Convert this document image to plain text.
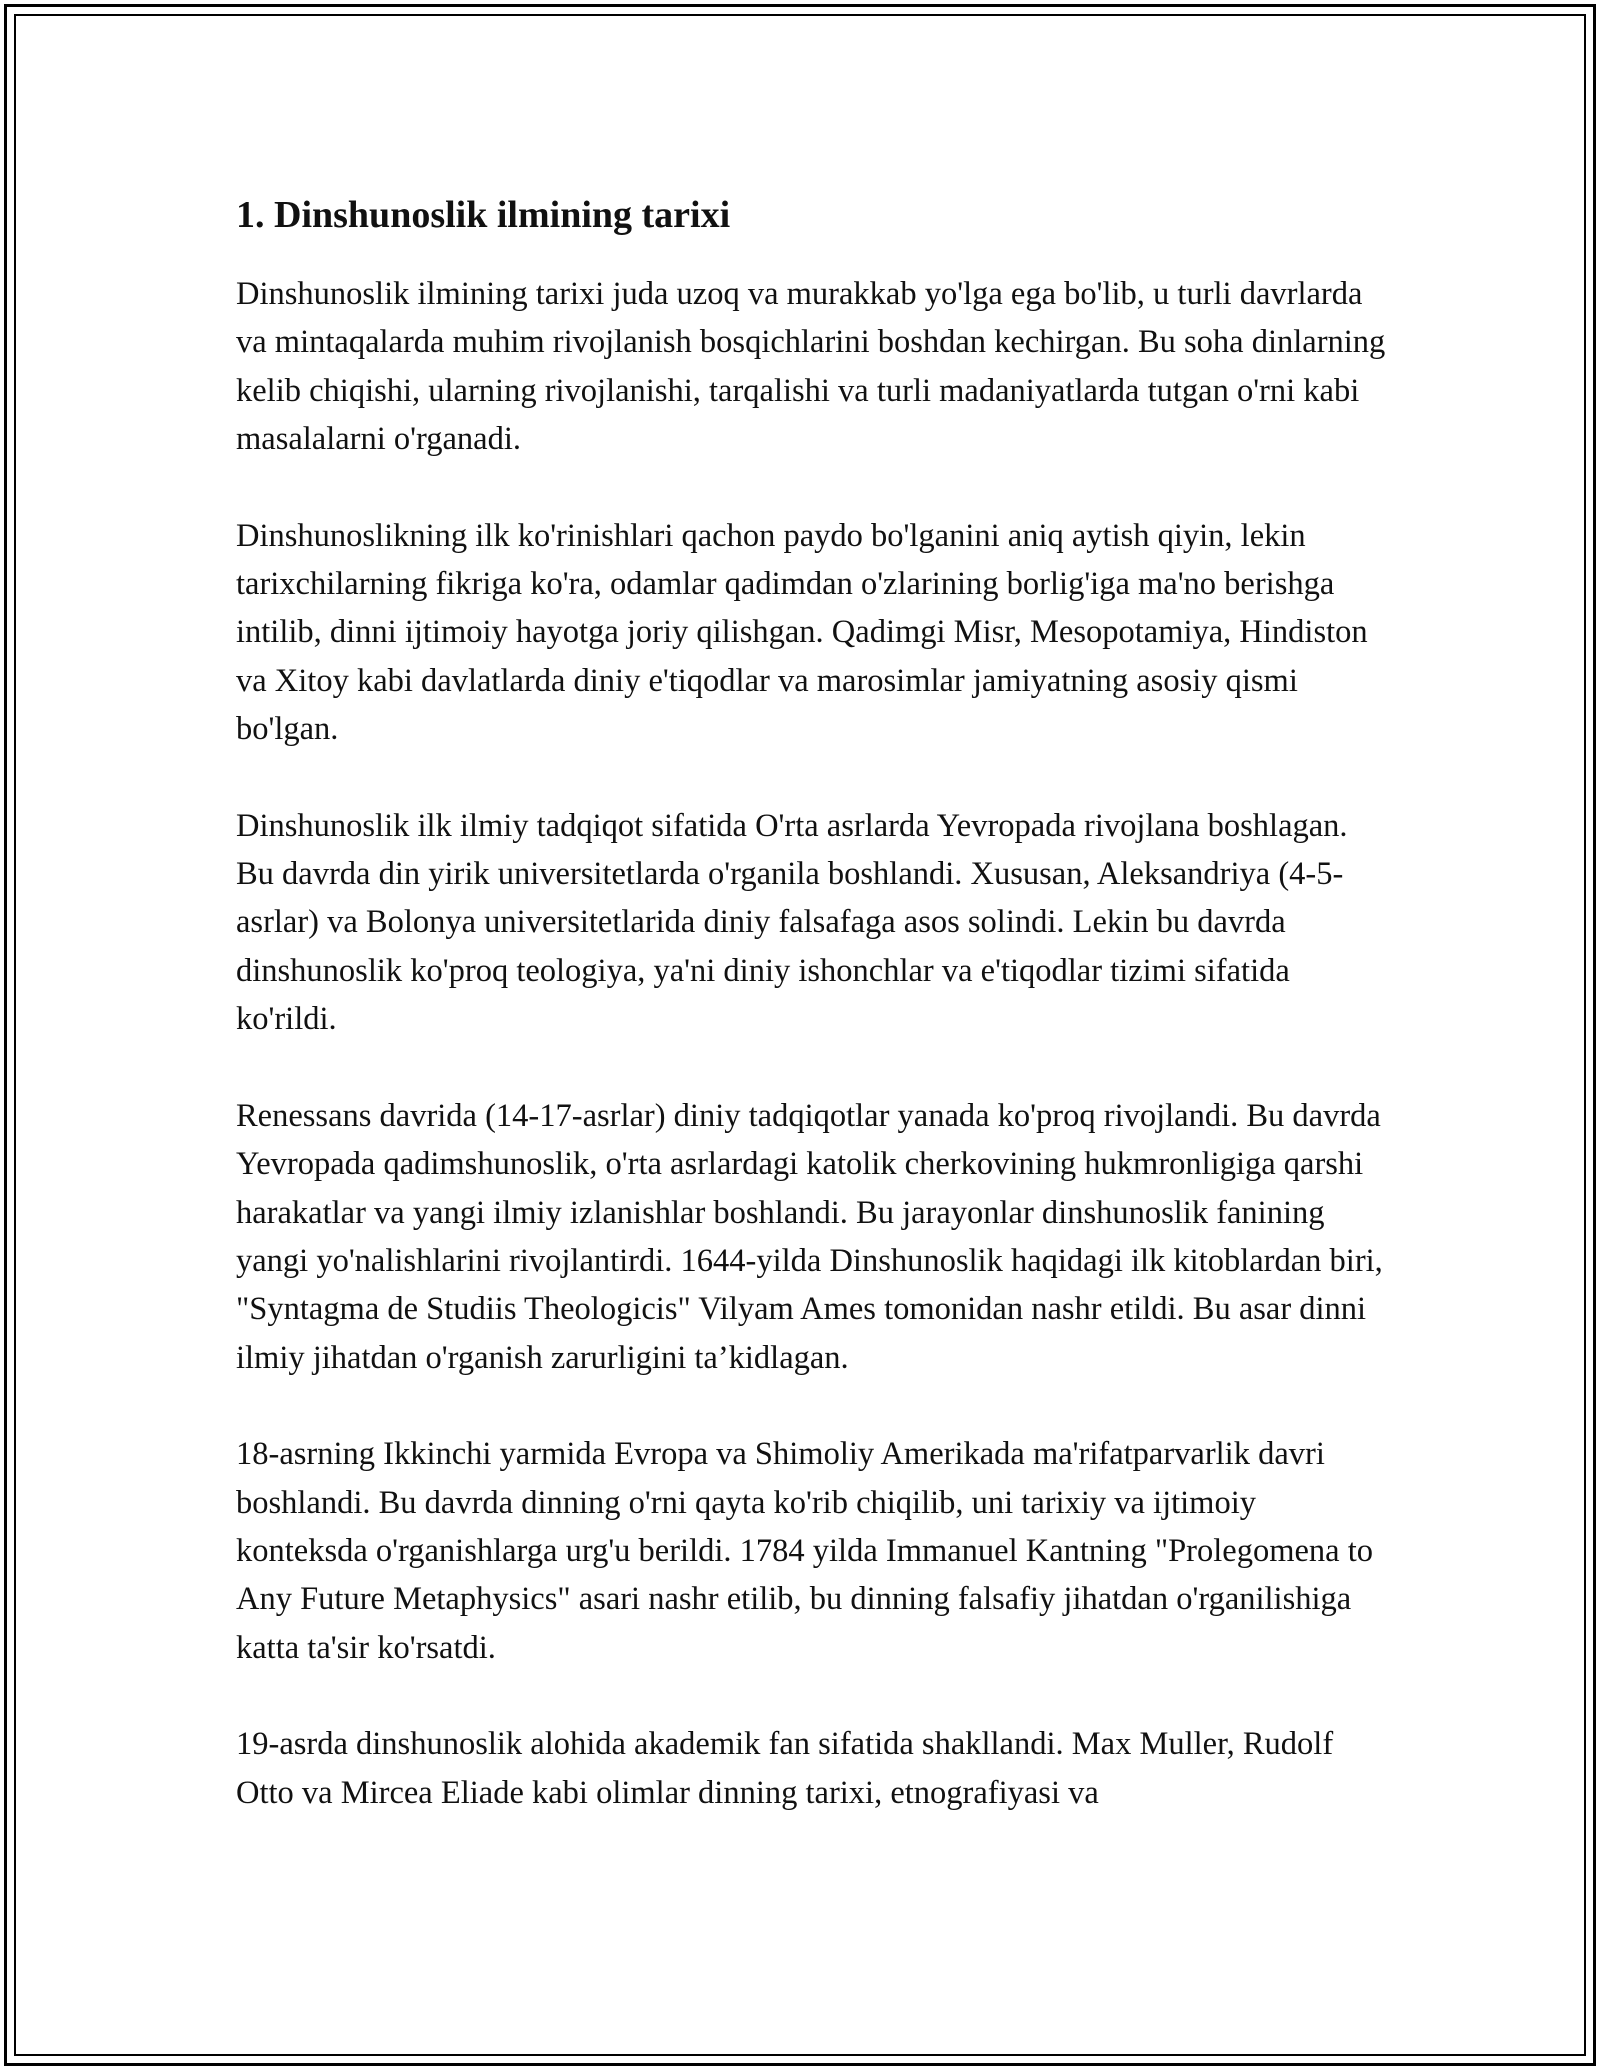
1. Dinshunoslik ilmining tarixi

Dinshunoslik ilmining tarixi juda uzoq va murakkab yo'lga ega bo'lib, u turli davrlarda va mintaqalarda muhim rivojlanish bosqichlarini boshdan kechirgan. Bu soha dinlarning kelib chiqishi, ularning rivojlanishi, tarqalishi va turli madaniyatlarda tutgan o'rni kabi masalalarni o'rganadi.

Dinshunoslikning ilk ko'rinishlari qachon paydo bo'lganini aniq aytish qiyin, lekin tarixchilarning fikriga ko'ra, odamlar qadimdan o'zlarining borlig'iga ma'no berishga intilib, dinni ijtimoiy hayotga joriy qilishgan. Qadimgi Misr, Mesopotamiya, Hindiston va Xitoy kabi davlatlarda diniy e'tiqodlar va marosimlar jamiyatning asosiy qismi bo'lgan.

Dinshunoslik ilk ilmiy tadqiqot sifatida O'rta asrlarda Yevropada rivojlana boshlagan. Bu davrda din yirik universitetlarda o'rganila boshlandi. Xususan, Aleksandriya (4-5-asrlar) va Bolonya universitetlarida diniy falsafaga asos solindi. Lekin bu davrda dinshunoslik ko'proq teologiya, ya'ni diniy ishonchlar va e'tiqodlar tizimi sifatida ko'rildi.

Renessans davrida (14-17-asrlar) diniy tadqiqotlar yanada ko'proq rivojlandi. Bu davrda Yevropada qadimshunoslik, o'rta asrlardagi katolik cherkovining hukmronligiga qarshi harakatlar va yangi ilmiy izlanishlar boshlandi. Bu jarayonlar dinshunoslik fanining yangi yo'nalishlarini rivojlantirdi. 1644-yilda Dinshunoslik haqidagi ilk kitoblardan biri, "Syntagma de Studiis Theologicis" Vilyam Ames tomonidan nashr etildi. Bu asar dinni ilmiy jihatdan o'rganish zarurligini ta’kidlagan.

18-asrning Ikkinchi yarmida Evropa va Shimoliy Amerikada ma'rifatparvarlik davri boshlandi. Bu davrda dinning o'rni qayta ko'rib chiqilib, uni tarixiy va ijtimoiy konteksda o'rganishlarga urg'u berildi. 1784 yilda Immanuel Kantning "Prolegomena to Any Future Metaphysics" asari nashr etilib, bu dinning falsafiy jihatdan o'rganilishiga katta ta'sir ko'rsatdi.

19-asrda dinshunoslik alohida akademik fan sifatida shakllandi. Max Muller, Rudolf Otto va Mircea Eliade kabi olimlar dinning tarixi, etnografiyasi va
